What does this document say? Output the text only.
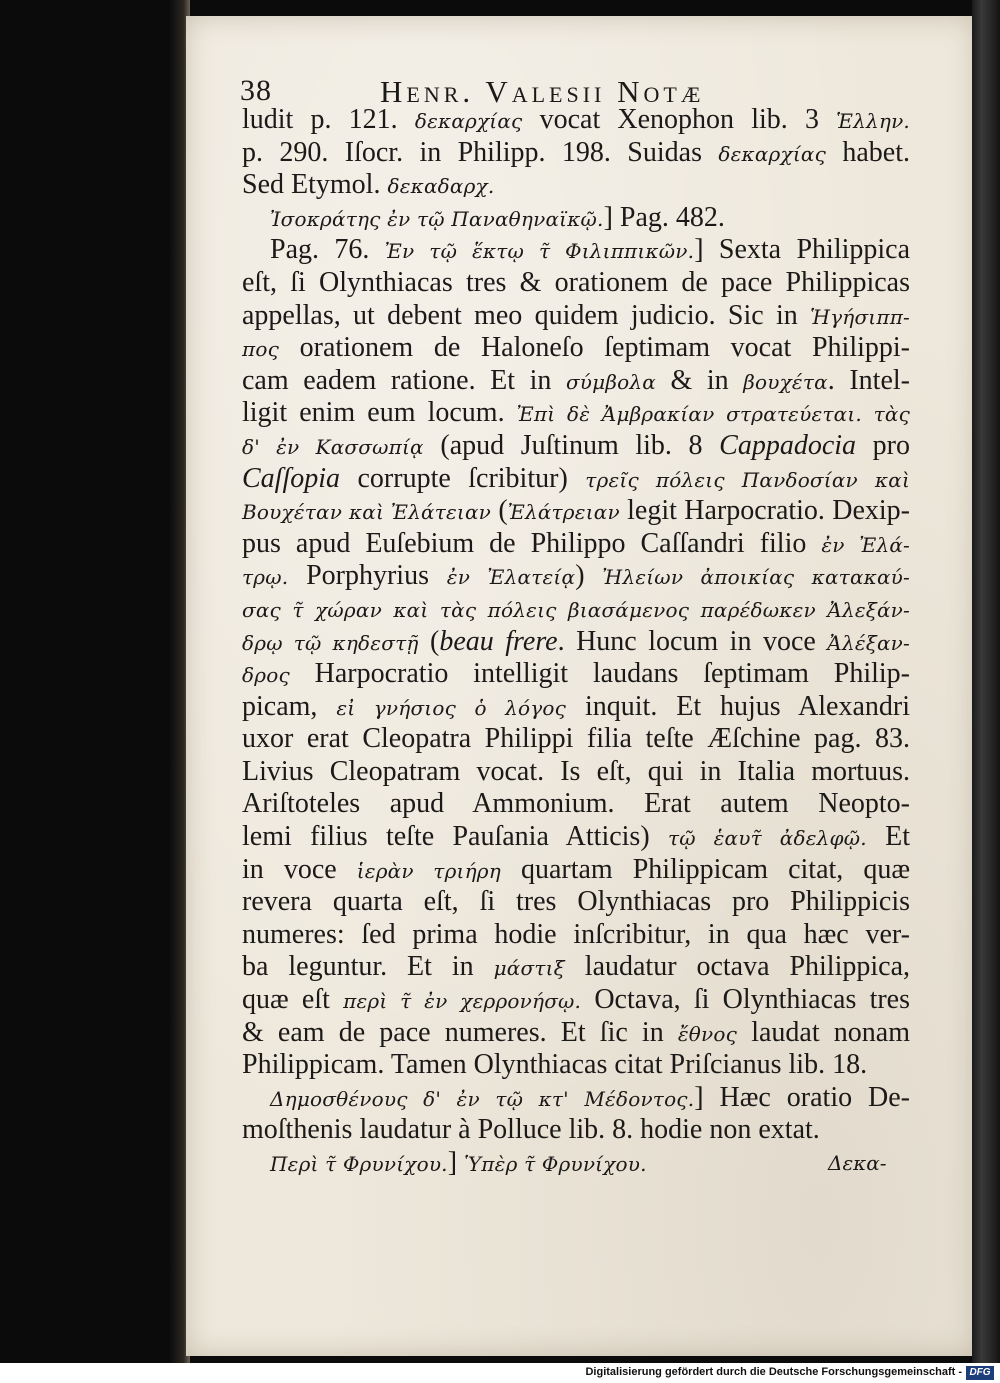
38	Henr. Valesii Notæ
ludit p. 121. δεκαρχίας vocat Xenophon lib. 3 Ἑλλην.
p. 290. Iſocr. in Philipp. 198. Suidas δεκαρχίας habet.
Sed Etymol. δεκαδαρχ.
Ἰσοκράτης ἐν τῷ Παναθηναϊκῷ.] Pag. 482.
Pag. 76. Ἐν τῷ ἕκτῳ τ̃ Φιλιππικῶν.] Sexta Philippica
eſt, ſi Olynthiacas tres & orationem de pace Philippicas
appellas, ut debent meo quidem judicio. Sic in Ἡγήσιππ-
πος orationem de Haloneſo ſeptimam vocat Philippi-
cam eadem ratione. Et in σύμβολα & in βουχέτα. Intel-
ligit enim eum locum. Ἐπὶ δὲ Ἀμβρακίαν στρατεύεται. τὰς
δ' ἐν Κασσωπίᾳ (apud Juſtinum lib. 8 Cappadocia pro
Caſſopia corrupte ſcribitur) τρεῖς πόλεις Πανδοσίαν καὶ
Βουχέταν καὶ Ἐλάτειαν (Ἐλάτρειαν legit Harpocratio. Dexip-
pus apud Euſebium de Philippo Caſſandri filio ἐν Ἐλά-
τρῳ. Porphyrius ἐν Ἐλατείᾳ) Ἠλείων ἀποικίας κατακαύ-
σας τ̃ χώραν καὶ τὰς πόλεις βιασάμενος παρέδωκεν Ἀλεξάν-
δρῳ τῷ κηδεστῇ (beau frere. Hunc locum in voce Ἀλέξαν-
δρος Harpocratio intelligit laudans ſeptimam Philip-
picam, εἰ γνήσιος ὁ λόγος inquit. Et hujus Alexandri
uxor erat Cleopatra Philippi filia teſte Æſchine pag. 83.
Livius Cleopatram vocat. Is eſt, qui in Italia mortuus.
Ariſtoteles apud Ammonium. Erat autem Neopto-
lemi filius teſte Pauſania Atticis) τῷ ἑαυτ̃ ἀδελφῷ. Et
in voce ἱερὰν τριήρη quartam Philippicam citat, quæ
revera quarta eſt, ſi tres Olynthiacas pro Philippicis
numeres: ſed prima hodie inſcribitur, in qua hæc ver-
ba leguntur. Et in μάστιξ laudatur octava Philippica,
quæ eſt περὶ τ̃ ἐν χερρονήσῳ. Octava, ſi Olynthiacas tres
& eam de pace numeres. Et ſic in ἔθνος laudat nonam
Philippicam. Tamen Olynthiacas citat Priſcianus lib. 18.
Δημοσθένους δ' ἐν τῷ κτ' Μέδοντος.] Hæc oratio De-
moſthenis laudatur à Polluce lib. 8. hodie non extat.
Περὶ τ̃ Φρυνίχου.] Ὑπὲρ τ̃ Φρυνίχου.	Δεκα-
Digitalisierung gefördert durch die Deutsche Forschungsgemeinschaft - DFG
